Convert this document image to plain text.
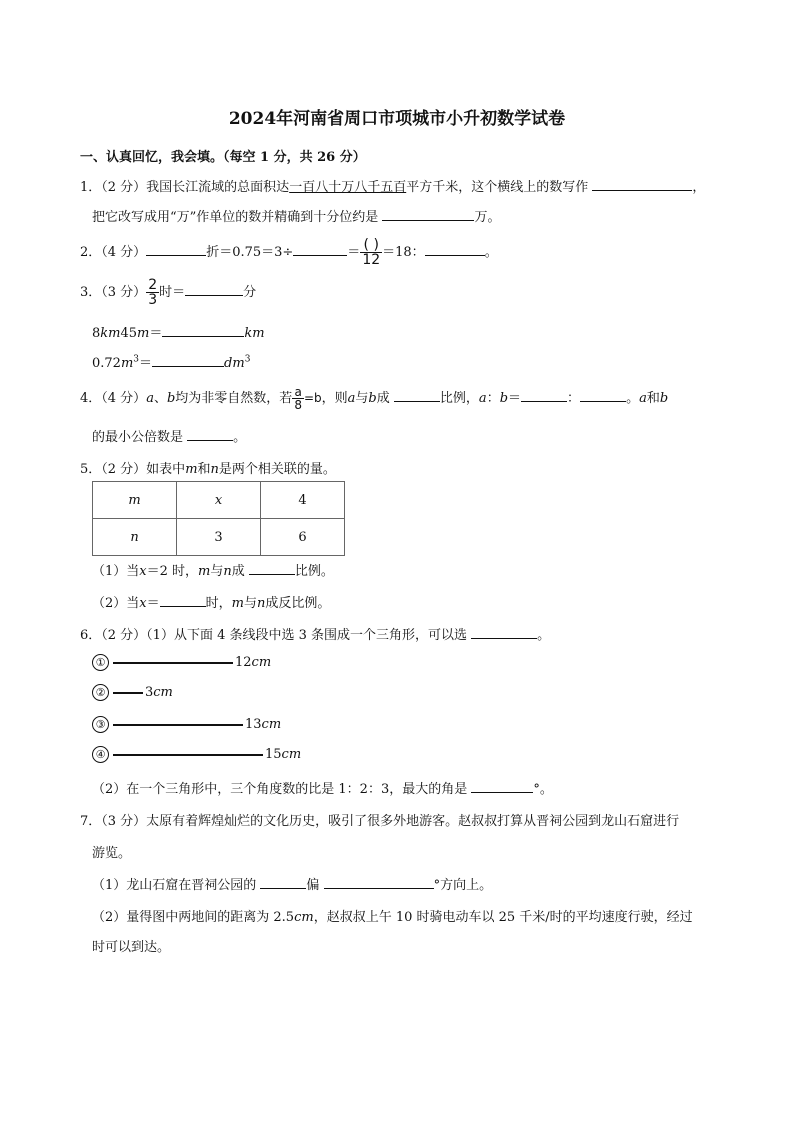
2024年河南省周口市项城市小升初数学试卷
一、认真回忆，我会填。（每空 1 分，共 26 分）
1．（2 分）我国长江流域的总面积达一百八十万八千五百平方千米，这个横线上的数写作	，
把它改写成用“万”作单位的数并精确到十分位约是	万。
2．（4 分）	折＝0.75＝3÷	＝ $\frac{( )}{12} =18$：	。
3．（3 分） $\frac{2}{3}$ 时＝	分
8km45m＝	km
$0.72m^3=$	$dm^3$
4．（4 分）a、b均为非零自然数，若 $\frac{a}{8} =b$，则a与b成	比例，a：b＝	：	。a和b
的最小公倍数是	。
5．（2 分）如表中m和n是两个相关联的量。
m	x	4
n	3	6
（1）当x＝2 时，m与n成	比例。
（2）当x＝	时，m与n成反比例。
6．（2 分）（1）从下面 4 条线段中选 3 条围成一个三角形，可以选	。
①	12cm
②	3cm
③	13cm
④	15cm
（2）在一个三角形中，三个角度数的比是 1：2：3，最大的角是	°。
7．（3 分）太原有着辉煌灿烂的文化历史，吸引了很多外地游客。赵叔叔打算从晋祠公园到龙山石窟进行
游览。
（1）龙山石窟在晋祠公园的	偏	°方向上。
（2）量得图中两地间的距离为 2.5cm，赵叔叔上午 10 时骑电动车以 25 千米/时的平均速度行驶，经过
时可以到达。
